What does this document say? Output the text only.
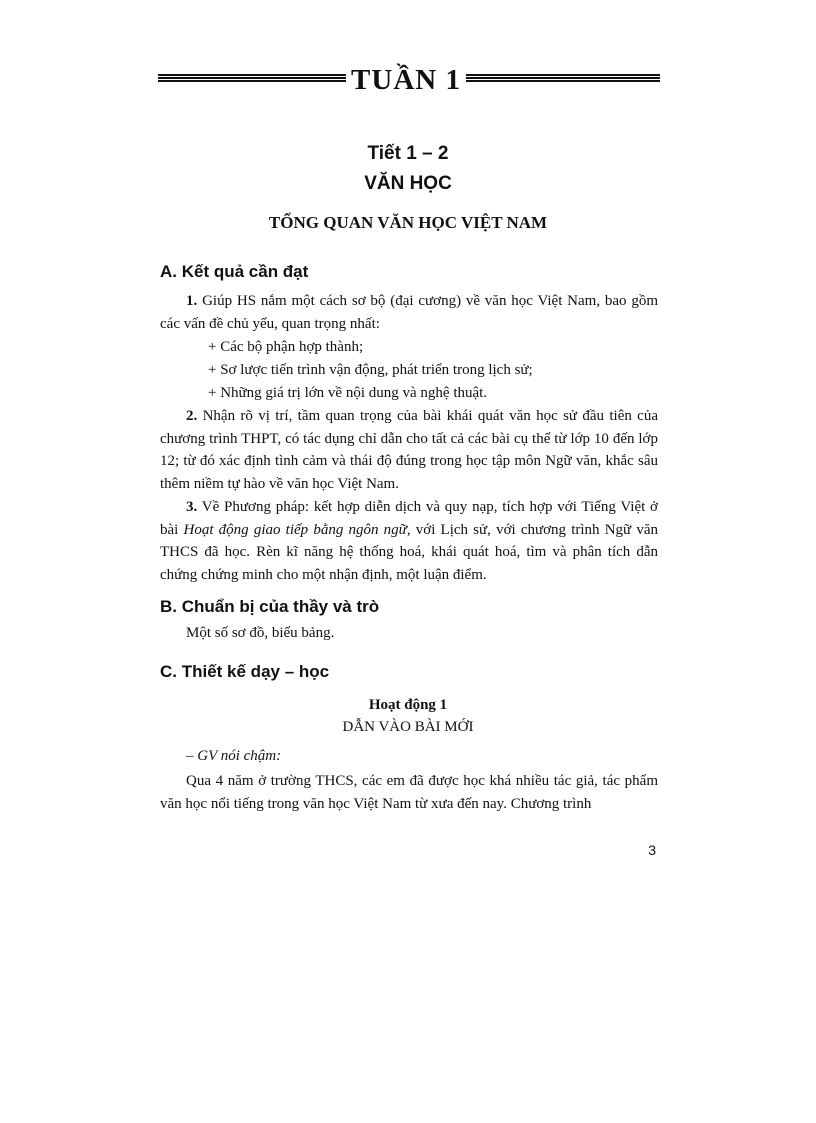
TUẦN 1
Tiết 1 – 2
VĂN HỌC
TỔNG QUAN VĂN HỌC VIỆT NAM
A. Kết quả cần đạt
1. Giúp HS nắm một cách sơ bộ (đại cương) về văn học Việt Nam, bao gồm các vấn đề chủ yếu, quan trọng nhất:
+ Các bộ phận hợp thành;
+ Sơ lược tiến trình vận động, phát triển trong lịch sử;
+ Những giá trị lớn về nội dung và nghệ thuật.
2. Nhận rõ vị trí, tầm quan trọng của bài khái quát văn học sử đầu tiên của chương trình THPT, có tác dụng chỉ dẫn cho tất cả các bài cụ thể từ lớp 10 đến lớp 12; từ đó xác định tình cảm và thái độ đúng trong học tập môn Ngữ văn, khắc sâu thêm niềm tự hào về văn học Việt Nam.
3. Về Phương pháp: kết hợp diễn dịch và quy nạp, tích hợp với Tiếng Việt ở bài Hoạt động giao tiếp bằng ngôn ngữ, với Lịch sử, với chương trình Ngữ văn THCS đã học. Rèn kĩ năng hệ thống hoá, khái quát hoá, tìm và phân tích dẫn chứng chứng minh cho một nhận định, một luận điểm.
B. Chuẩn bị của thầy và trò
Một số sơ đồ, biểu bảng.
C. Thiết kế dạy – học
Hoạt động 1
DẪN VÀO BÀI MỚI
– GV nói chậm:
Qua 4 năm ở trường THCS, các em đã được học khá nhiều tác giả, tác phẩm văn học nổi tiếng trong văn học Việt Nam từ xưa đến nay. Chương trình
3
